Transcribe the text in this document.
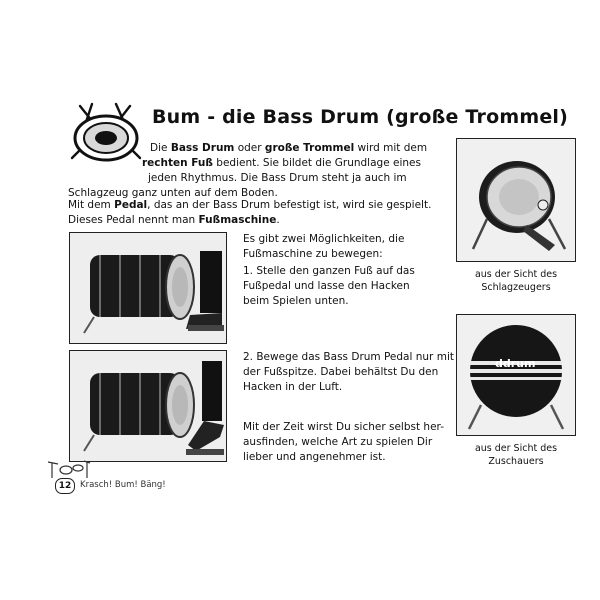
Bum - die Bass Drum (große Trommel)
Die Bass Drum oder große Trommel wird mit dem
rechten Fuß bedient. Sie bildet die Grundlage eines
jeden Rhythmus. Die Bass Drum steht ja auch im
Schlagzeug ganz unten auf dem Boden.
Mit dem Pedal, das an der Bass Drum befestigt ist, wird sie gespielt.
Dieses Pedal nennt man Fußmaschine.
Es gibt zwei Möglichkeiten, die
Fußmaschine zu bewegen:
1. Stelle den ganzen Fuß auf das
Fußpedal und lasse den Hacken
beim Spielen unten.
2. Bewege das Bass Drum Pedal nur mit
der Fußspitze. Dabei behältst Du den
Hacken in der Luft.
Mit der Zeit wirst Du sicher selbst her-
ausfinden, welche Art zu spielen Dir
lieber und angenehmer ist.
aus der Sicht des
Schlagzeugers
ddrum
aus der Sicht des
Zuschauers
12	Krasch! Bum! Bäng!
